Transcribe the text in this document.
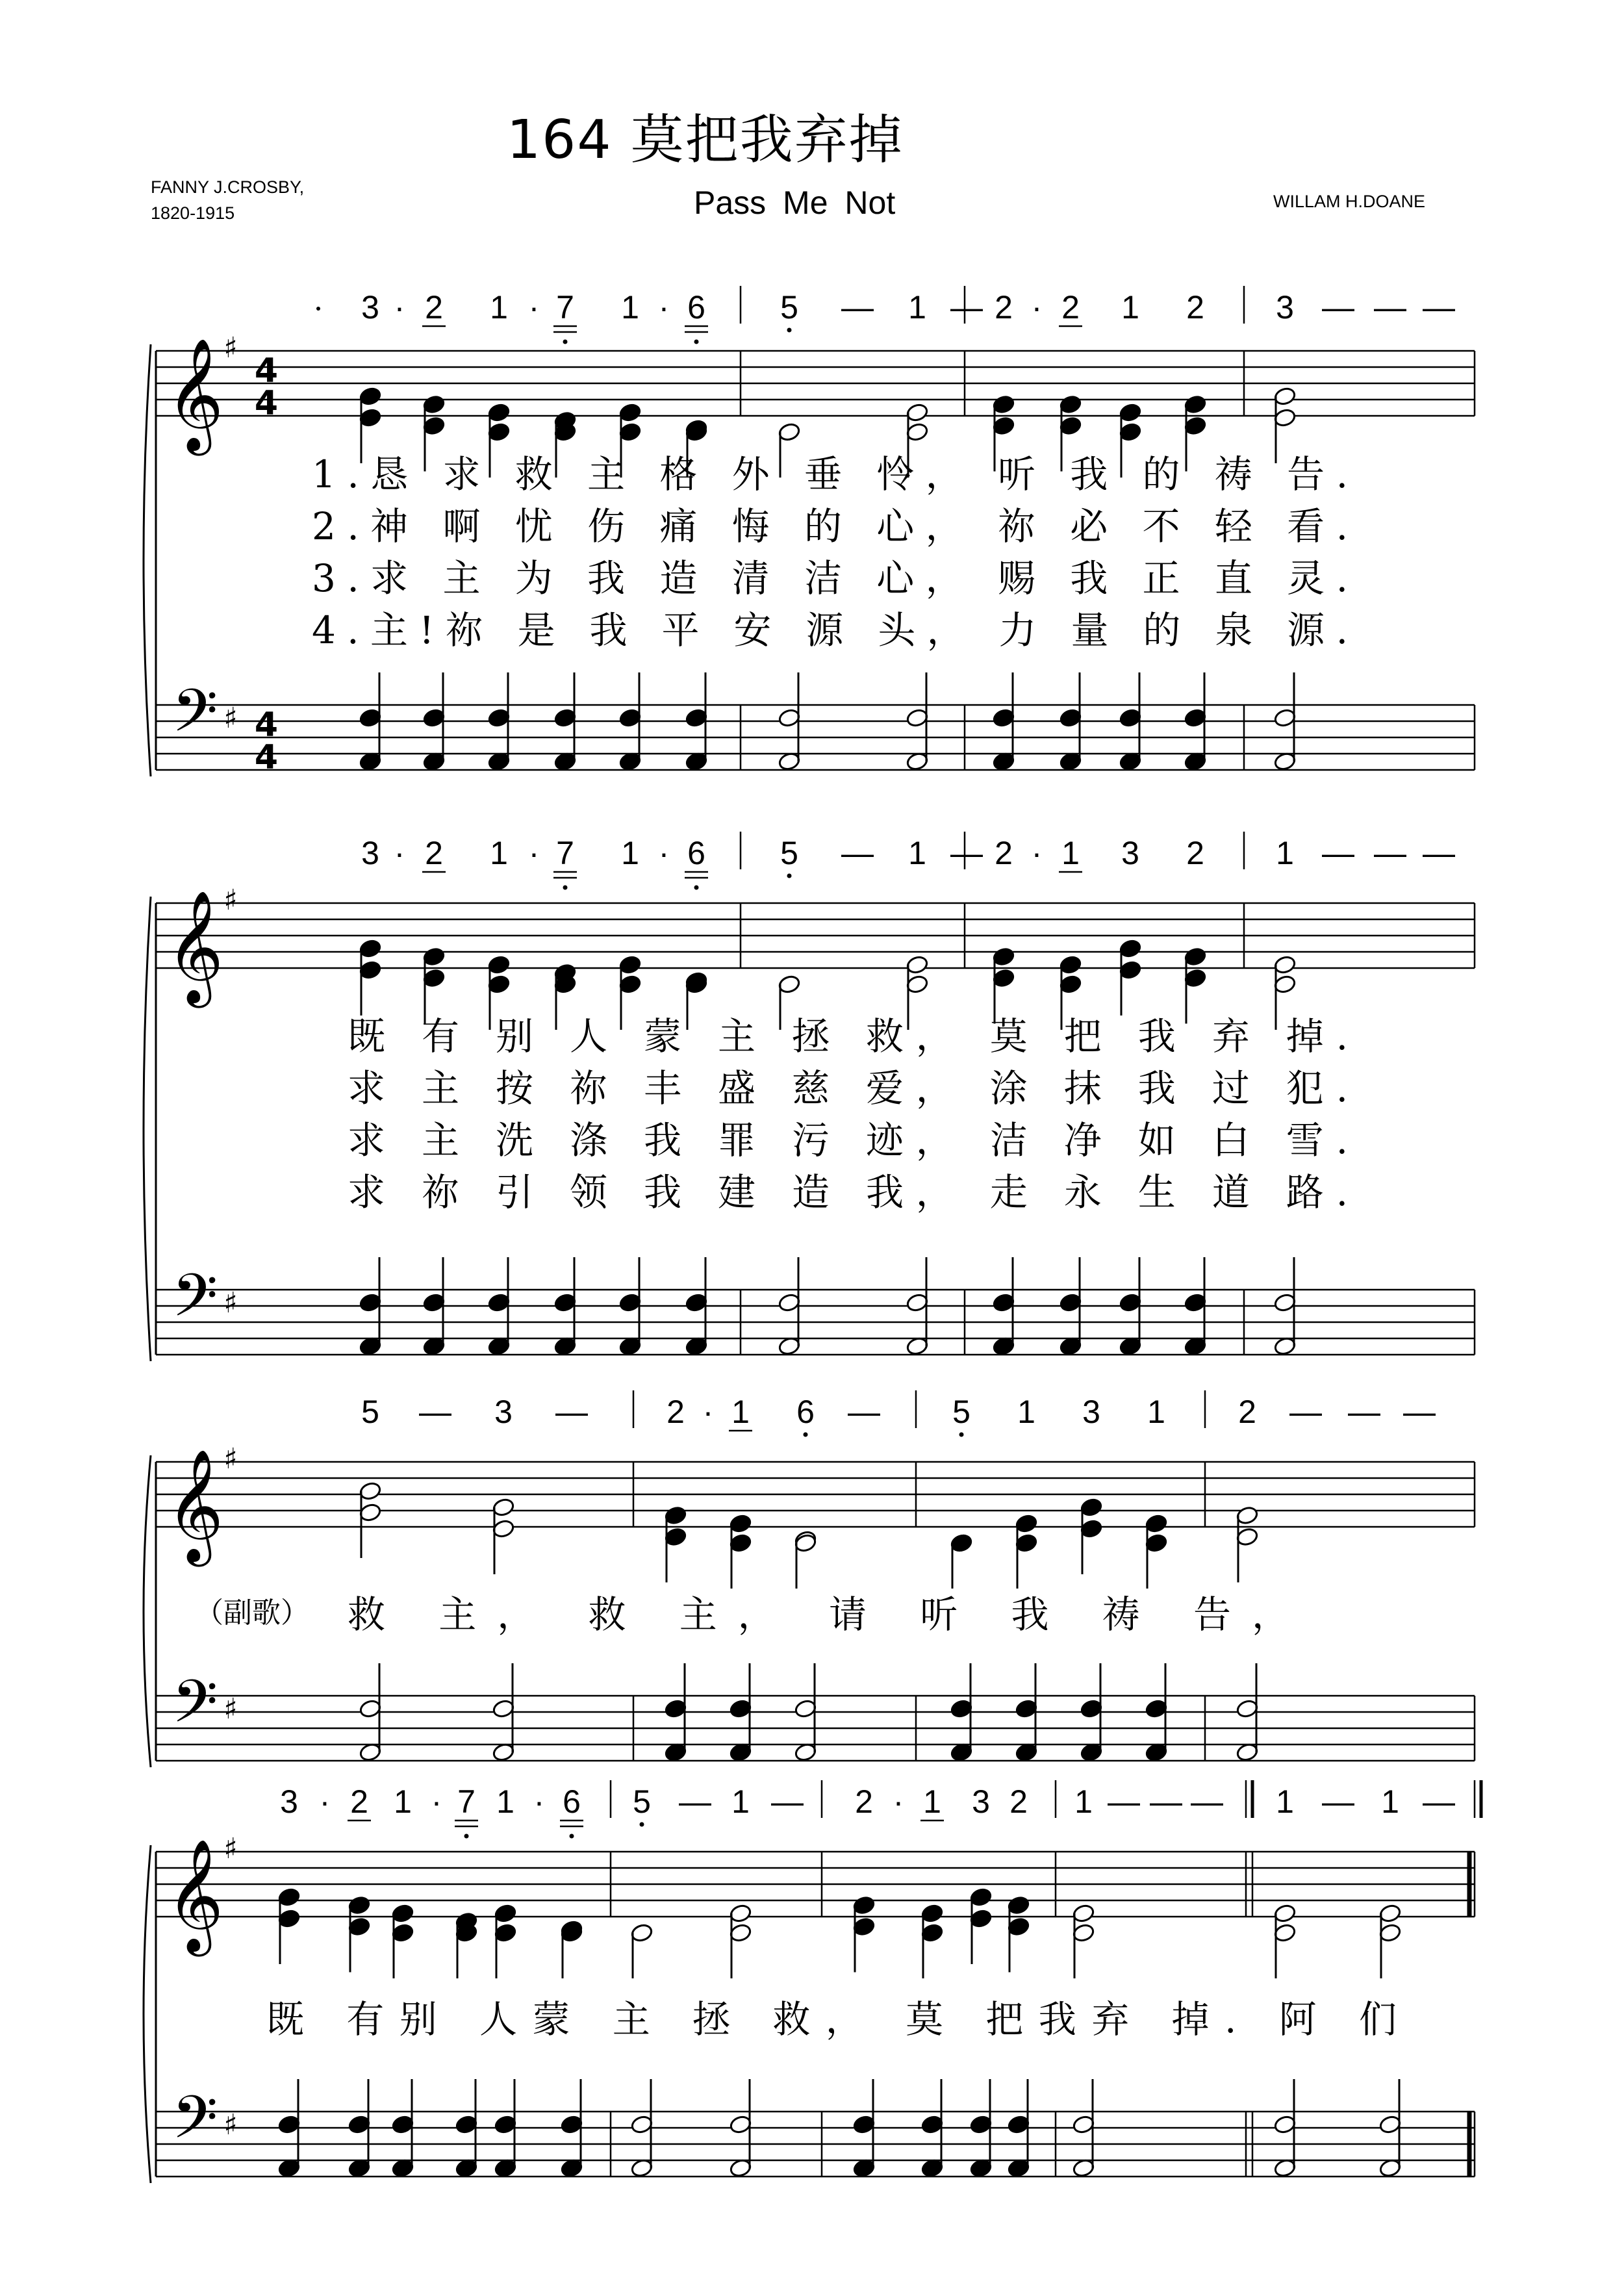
164 莫把我弃掉
Pass Me Not
FANNY J.CROSBY,
1820-1915
WILLAM H.DOANE
3 · 2 1 · 7 1 · 6 5 — 1 — 2 · 2 1 2 3 — — —
𝄞
𝄢
♯
♯
4
4
4
4
1.恳 求 救 主 格 外 垂 怜， 听 我 的 祷 告.
2.神 啊 忧 伤 痛 悔 的 心， 祢 必 不 轻 看.
3.求 主 为 我 造 清 洁 心， 赐 我 正 直 灵.
4.主!祢 是 我 平 安 源 头， 力 量 的 泉 源.
3 · 2 1 · 7 1 · 6 5 — 1 — 2 · 1 3 2 1 — — —
𝄞
𝄢
♯
♯
既 有 别 人 蒙 主 拯 救， 莫 把 我 弃 掉.
求 主 按 祢 丰 盛 慈 爱， 涂 抹 我 过 犯.
求 主 洗 涤 我 罪 污 迹， 洁 净 如 白 雪.
求 祢 引 领 我 建 造 我， 走 永 生 道 路.
5 — 3 — 2 · 1 6 — 5 1 3 1 2 — — —
𝄞
𝄢
♯
♯
救 主， 救 主， 请 听 我 祷 告，
（副歌）
3 · 2 1 · 7 1 · 6 5 — 1 — 2 · 1 3 2 1 — — — 1 — 1 —
𝄞
𝄢
♯
♯
既 有别 人蒙 主 拯 救， 莫 把我弃 掉. 阿 们
